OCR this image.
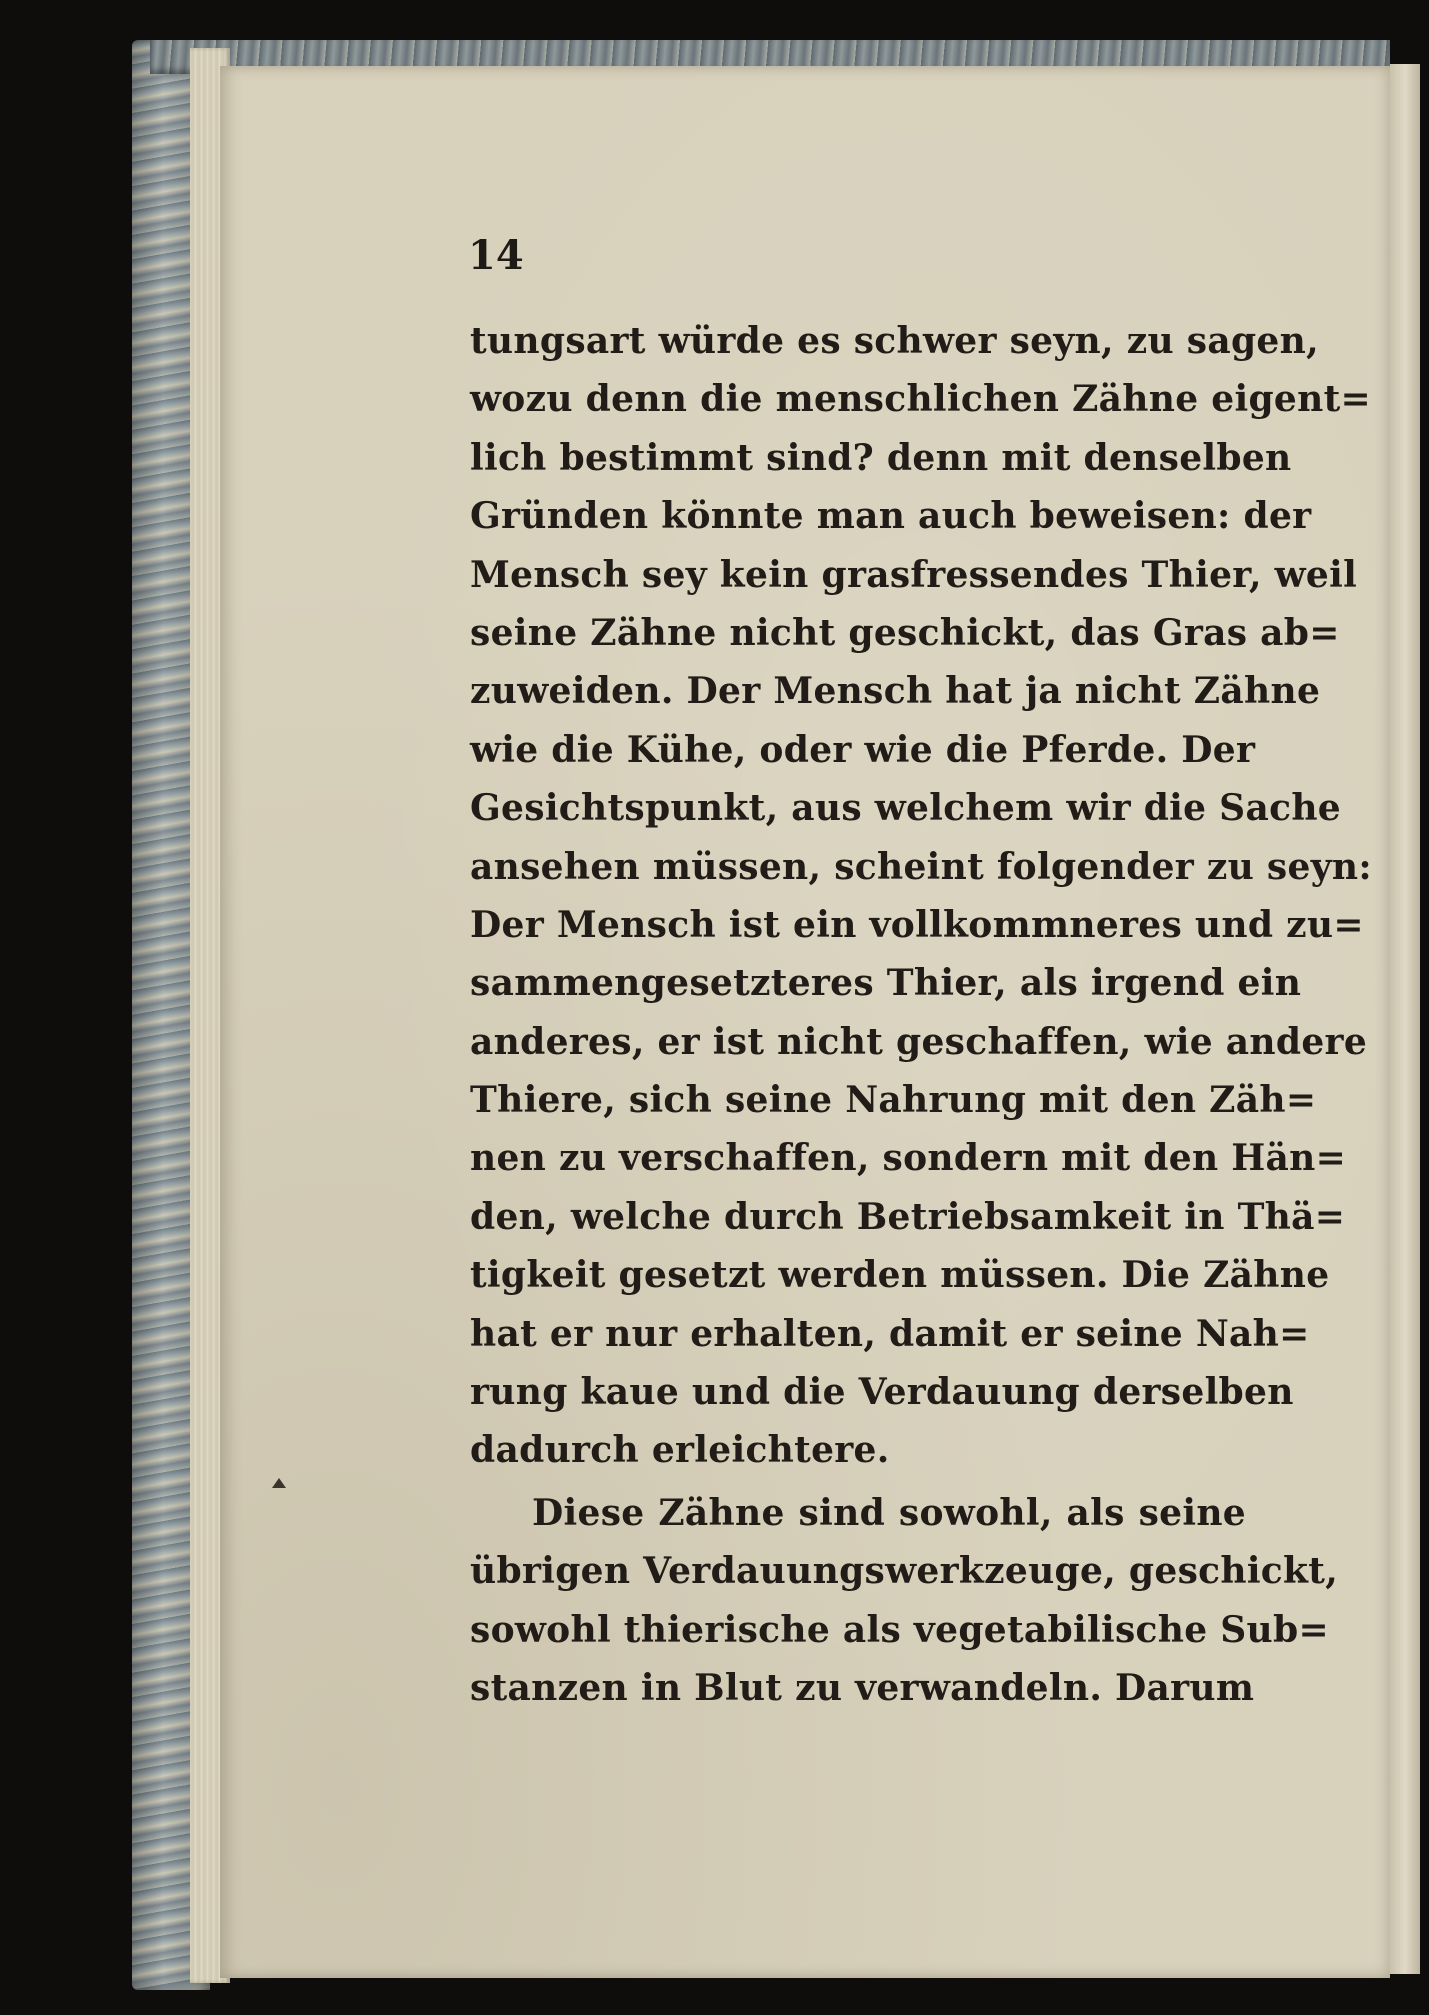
14
tungsart würde es schwer seyn, zu sagen,
wozu denn die menschlichen Zähne eigent=
lich bestimmt sind? denn mit denselben
Gründen könnte man auch beweisen: der
Mensch sey kein grasfressendes Thier, weil
seine Zähne nicht geschickt, das Gras ab=
zuweiden. Der Mensch hat ja nicht Zähne
wie die Kühe, oder wie die Pferde. Der
Gesichtspunkt, aus welchem wir die Sache
ansehen müssen, scheint folgender zu seyn:
Der Mensch ist ein vollkommneres und zu=
sammengesetzteres Thier, als irgend ein
anderes, er ist nicht geschaffen, wie andere
Thiere, sich seine Nahrung mit den Zäh=
nen zu verschaffen, sondern mit den Hän=
den, welche durch Betriebsamkeit in Thä=
tigkeit gesetzt werden müssen. Die Zähne
hat er nur erhalten, damit er seine Nah=
rung kaue und die Verdauung derselben
dadurch erleichtere.
Diese Zähne sind sowohl, als seine
übrigen Verdauungswerkzeuge, geschickt,
sowohl thierische als vegetabilische Sub=
stanzen in Blut zu verwandeln. Darum
